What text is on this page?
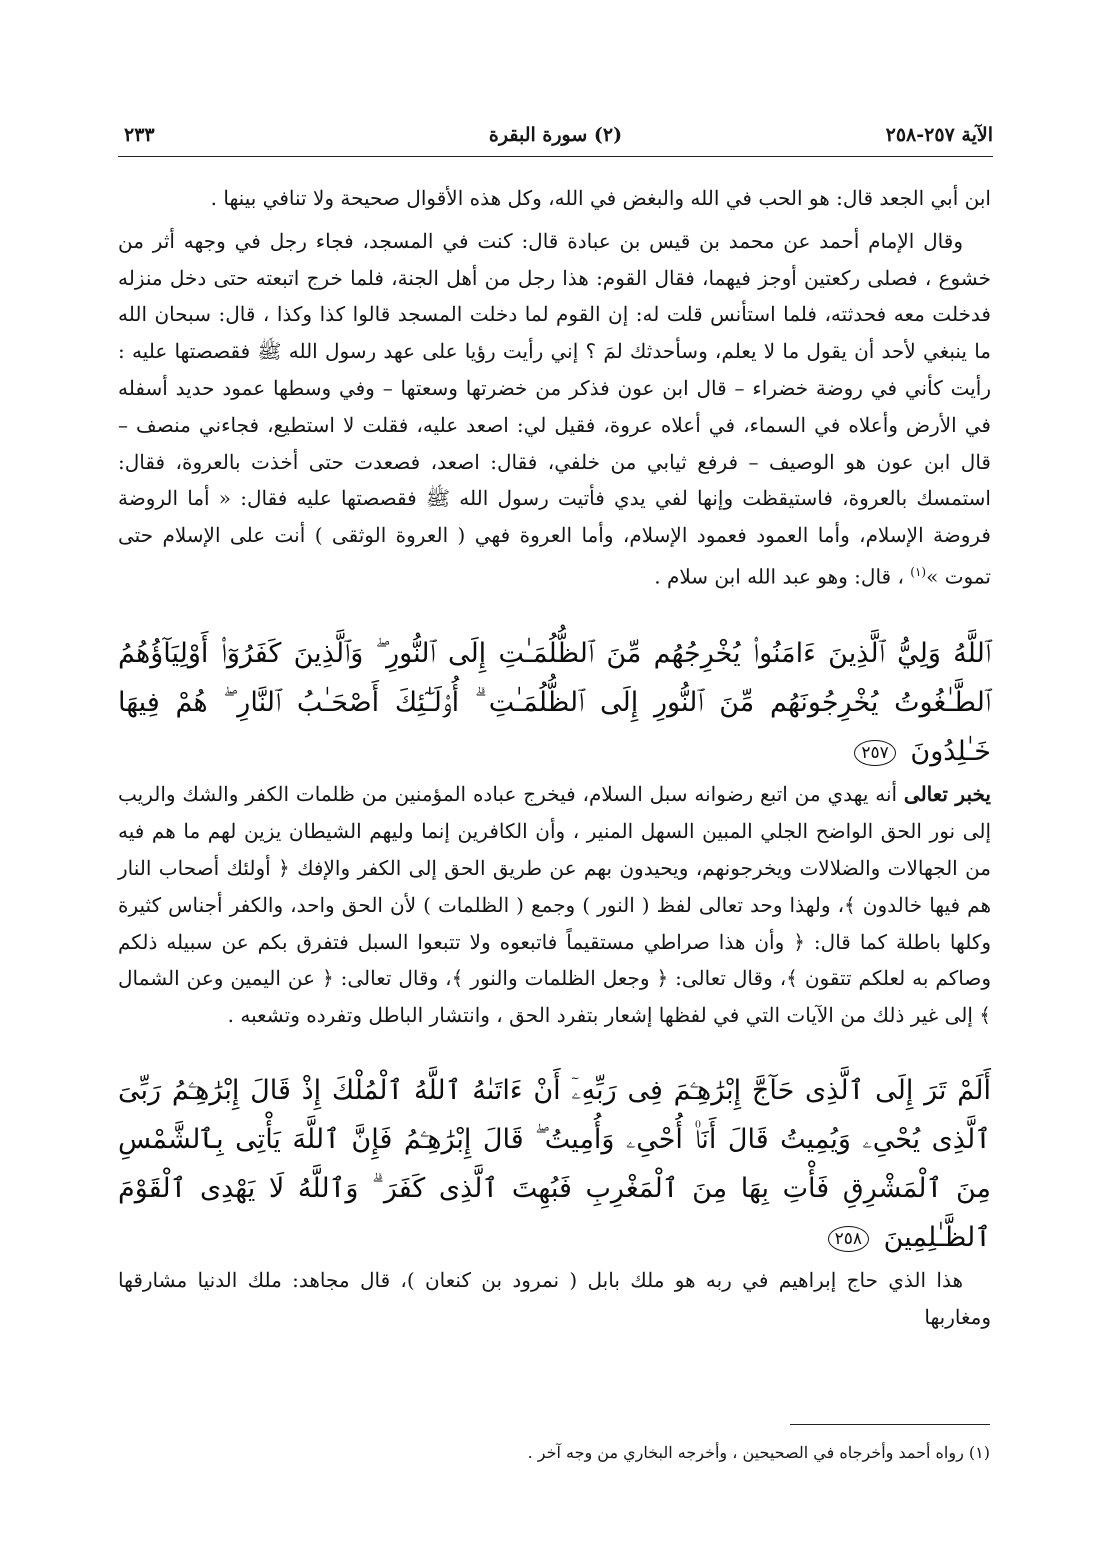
الآية ٢٥٧-٢٥٨
(٢) سورة البقرة
٢٣٣

ابن أبي الجعد قال: هو الحب في الله والبغض في الله، وكل هذه الأقوال صحيحة ولا تنافي بينها .

وقال الإمام أحمد عن محمد بن قيس بن عبادة قال: كنت في المسجد، فجاء رجل في وجهه أثر من خشوع ، فصلى ركعتين أوجز فيهما، فقال القوم: هذا رجل من أهل الجنة، فلما خرج اتبعته حتى دخل منزله فدخلت معه فحدثته، فلما استأنس قلت له: إن القوم لما دخلت المسجد قالوا كذا وكذا ، قال: سبحان الله ما ينبغي لأحد أن يقول ما لا يعلم، وسأحدثك لمَ ؟ إني رأيت رؤيا على عهد رسول الله ﷺ فقصصتها عليه : رأيت كأني في روضة خضراء – قال ابن عون فذكر من خضرتها وسعتها – وفي وسطها عمود حديد أسفله في الأرض وأعلاه في السماء، في أعلاه عروة، فقيل لي: اصعد عليه، فقلت لا استطيع، فجاءني منصف – قال ابن عون هو الوصيف – فرفع ثيابي من خلفي، فقال: اصعد، فصعدت حتى أخذت بالعروة، فقال: استمسك بالعروة، فاستيقظت وإنها لفي يدي فأتيت رسول الله ﷺ فقصصتها عليه فقال: « أما الروضة فروضة الإسلام، وأما العمود فعمود الإسلام، وأما العروة فهي ( العروة الوثقى ) أنت على الإسلام حتى تموت »$^{(١)}$ ، قال: وهو عبد الله ابن سلام .

ٱللَّهُ وَلِيُّ ٱلَّذِينَ ءَامَنُوا۟ يُخْرِجُهُم مِّنَ ٱلظُّلُمَـٰتِ إِلَى ٱلنُّورِ ۖ وَٱلَّذِينَ كَفَرُوٓا۟ أَوْلِيَآؤُهُمُ ٱلطَّـٰغُوتُ يُخْرِجُونَهُم مِّنَ ٱلنُّورِ إِلَى ٱلظُّلُمَـٰتِ ۗ أُو۟لَـٰٓئِكَ أَصْحَـٰبُ ٱلنَّارِ ۖ هُمْ فِيهَا خَـٰلِدُونَ ٢٥٧

يخبر تعالى أنه يهدي من اتبع رضوانه سبل السلام، فيخرج عباده المؤمنين من ظلمات الكفر والشك والريب إلى نور الحق الواضح الجلي المبين السهل المنير ، وأن الكافرين إنما وليهم الشيطان يزين لهم ما هم فيه من الجهالات والضلالات ويخرجونهم، ويحيدون بهم عن طريق الحق إلى الكفر والإفك ﴿ أولئك أصحاب النار هم فيها خالدون ﴾، ولهذا وحد تعالى لفظ ( النور ) وجمع ( الظلمات ) لأن الحق واحد، والكفر أجناس كثيرة وكلها باطلة كما قال: ﴿ وأن هذا صراطي مستقيماً فاتبعوه ولا تتبعوا السبل فتفرق بكم عن سبيله ذلكم وصاكم به لعلكم تتقون ﴾، وقال تعالى: ﴿ وجعل الظلمات والنور ﴾، وقال تعالى: ﴿ عن اليمين وعن الشمال ﴾ إلى غير ذلك من الآيات التي في لفظها إشعار بتفرد الحق ، وانتشار الباطل وتفرده وتشعبه .

أَلَمْ تَرَ إِلَى ٱلَّذِى حَآجَّ إِبْرَٰهِـۧمَ فِى رَبِّهِۦٓ أَنْ ءَاتَىٰهُ ٱللَّهُ ٱلْمُلْكَ إِذْ قَالَ إِبْرَٰهِـۧمُ رَبِّىَ ٱلَّذِى يُحْىِۦ وَيُمِيتُ قَالَ أَنَا۠ أُحْىِۦ وَأُمِيتُ ۖ قَالَ إِبْرَٰهِـۧمُ فَإِنَّ ٱللَّهَ يَأْتِى بِٱلشَّمْسِ مِنَ ٱلْمَشْرِقِ فَأْتِ بِهَا مِنَ ٱلْمَغْرِبِ فَبُهِتَ ٱلَّذِى كَفَرَ ۗ وَٱللَّهُ لَا يَهْدِى ٱلْقَوْمَ ٱلظَّـٰلِمِينَ ٢٥٨

هذا الذي حاج إبراهيم في ربه هو ملك بابل ( نمرود بن كنعان )، قال مجاهد: ملك الدنيا مشارقها ومغاربها

(١) رواه أحمد وأخرجاه في الصحيحين ، وأخرجه البخاري من وجه آخر .
